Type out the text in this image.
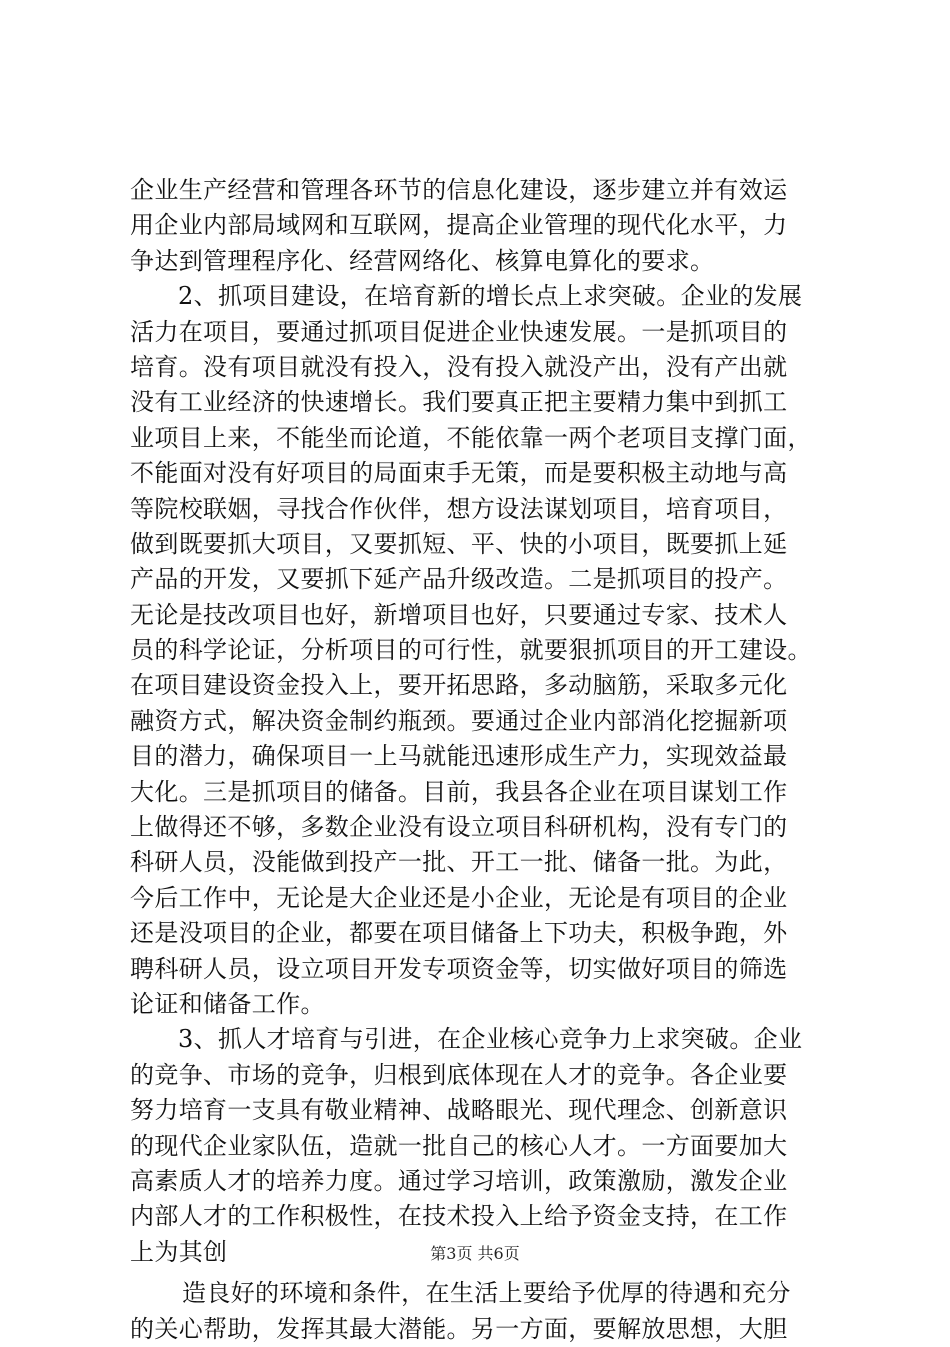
企业生产经营和管理各环节的信息化建设，逐步建立并有效运
用企业内部局域网和互联网，提高企业管理的现代化水平，力
争达到管理程序化、经营网络化、核算电算化的要求。
2、抓项目建设，在培育新的增长点上求突破。企业的发展
活力在项目，要通过抓项目促进企业快速发展。一是抓项目的
培育。没有项目就没有投入，没有投入就没产出，没有产出就
没有工业经济的快速增长。我们要真正把主要精力集中到抓工
业项目上来，不能坐而论道，不能依靠一两个老项目支撑门面，
不能面对没有好项目的局面束手无策，而是要积极主动地与高
等院校联姻，寻找合作伙伴，想方设法谋划项目，培育项目，
做到既要抓大项目，又要抓短、平、快的小项目，既要抓上延
产品的开发，又要抓下延产品升级改造。二是抓项目的投产。
无论是技改项目也好，新增项目也好，只要通过专家、技术人
员的科学论证，分析项目的可行性，就要狠抓项目的开工建设。
在项目建设资金投入上，要开拓思路，多动脑筋，采取多元化
融资方式，解决资金制约瓶颈。要通过企业内部消化挖掘新项
目的潜力，确保项目一上马就能迅速形成生产力，实现效益最
大化。三是抓项目的储备。目前，我县各企业在项目谋划工作
上做得还不够，多数企业没有设立项目科研机构，没有专门的
科研人员，没能做到投产一批、开工一批、储备一批。为此，
今后工作中，无论是大企业还是小企业，无论是有项目的企业
还是没项目的企业，都要在项目储备上下功夫，积极争跑，外
聘科研人员，设立项目开发专项资金等，切实做好项目的筛选
论证和储备工作。
3、抓人才培育与引进，在企业核心竞争力上求突破。企业
的竞争、市场的竞争，归根到底体现在人才的竞争。各企业要
努力培育一支具有敬业精神、战略眼光、现代理念、创新意识
的现代企业家队伍，造就一批自己的核心人才。一方面要加大
高素质人才的培养力度。通过学习培训，政策激励，激发企业
内部人才的工作积极性，在技术投入上给予资金支持，在工作
上为其创
造良好的环境和条件，在生活上要给予优厚的待遇和充分
的关心帮助，发挥其最大潜能。另一方面，要解放思想，大胆
第3页 共6页
